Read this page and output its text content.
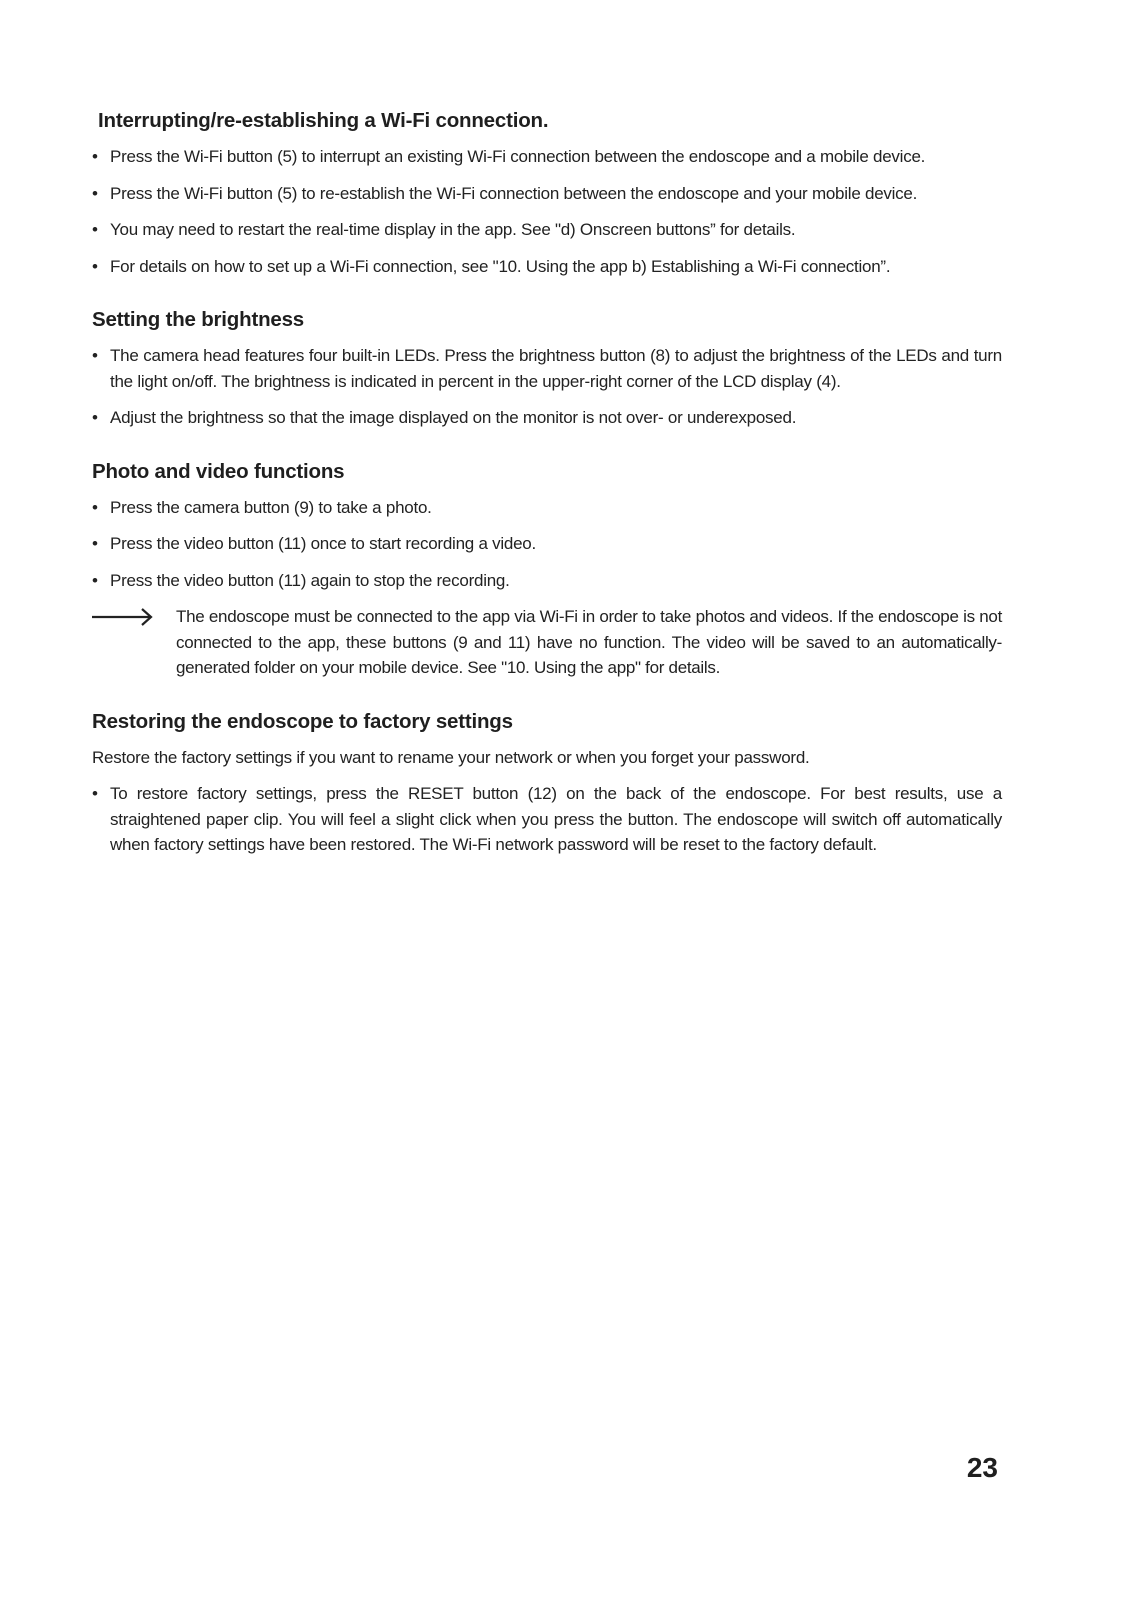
Interrupting/re-establishing a Wi-Fi connection.
• Press the Wi-Fi button (5) to interrupt an existing Wi-Fi connection between the endoscope and a mobile device.
• Press the Wi-Fi button (5) to re-establish the Wi-Fi connection between the endoscope and your mobile device.
• You may need to restart the real-time display in the app. See "d) Onscreen buttons” for details.
• For details on how to set up a Wi-Fi connection, see "10. Using the app b) Establishing a Wi-Fi connection”.
Setting the brightness
• The camera head features four built-in LEDs. Press the brightness button (8) to adjust the brightness of the LEDs and turn the light on/off. The brightness is indicated in percent in the upper-right corner of the LCD display (4).
• Adjust the brightness so that the image displayed on the monitor is not over- or underexposed.
Photo and video functions
• Press the camera button (9) to take a photo.
• Press the video button (11) once to start recording a video.
• Press the video button (11) again to stop the recording.
The endoscope must be connected to the app via Wi-Fi in order to take photos and videos. If the endoscope is not connected to the app, these buttons (9 and 11) have no function. The video will be saved to an automatically-generated folder on your mobile device. See "10. Using the app" for details.
Restoring the endoscope to factory settings

Restore the factory settings if you want to rename your network or when you forget your password.

• To restore factory settings, press the RESET button (12) on the back of the endoscope. For best results, use a straightened paper clip. You will feel a slight click when you press the button. The endoscope will switch off automatically when factory settings have been restored. The Wi-Fi network password will be reset to the factory default.
23
